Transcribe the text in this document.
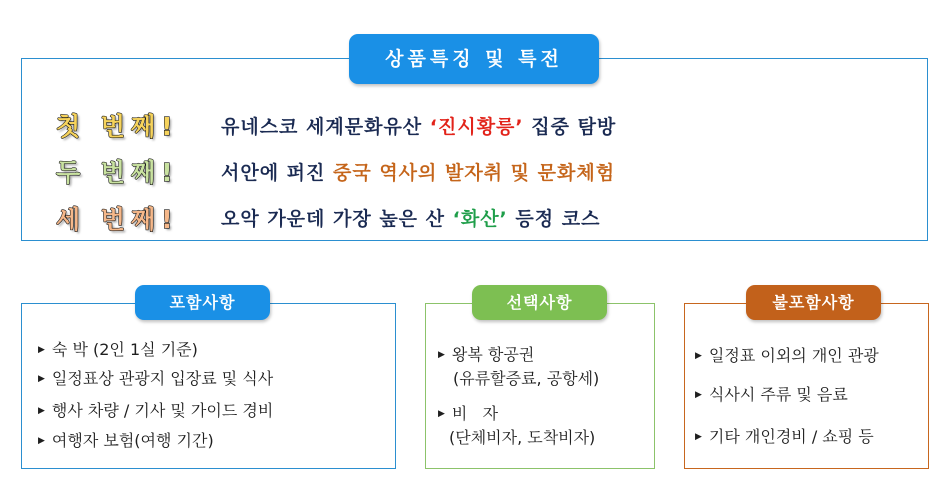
상품특징 및 특전
첫 번째! 유네스코 세계문화유산 ‘진시황릉’ 집중 탐방
두 번째! 서안에 퍼진 중국 역사의 발자취 및 문화체험
세 번째! 오악 가운데 가장 높은 산 ‘화산’ 등정 코스
포함사항
▶ 숙 박 (2인 1실 기준)
▶ 일정표상 관광지 입장료 및 식사
▶ 행사 차량 / 기사 및 가이드 경비
▶ 여행자 보험(여행 기간)
선택사항
▶ 왕복 항공권
(유류할증료, 공항세)
▶ 비   자
(단체비자, 도착비자)
불포함사항
▶ 일정표 이외의 개인 관광
▶ 식사시 주류 및 음료
▶ 기타 개인경비 / 쇼핑 등
